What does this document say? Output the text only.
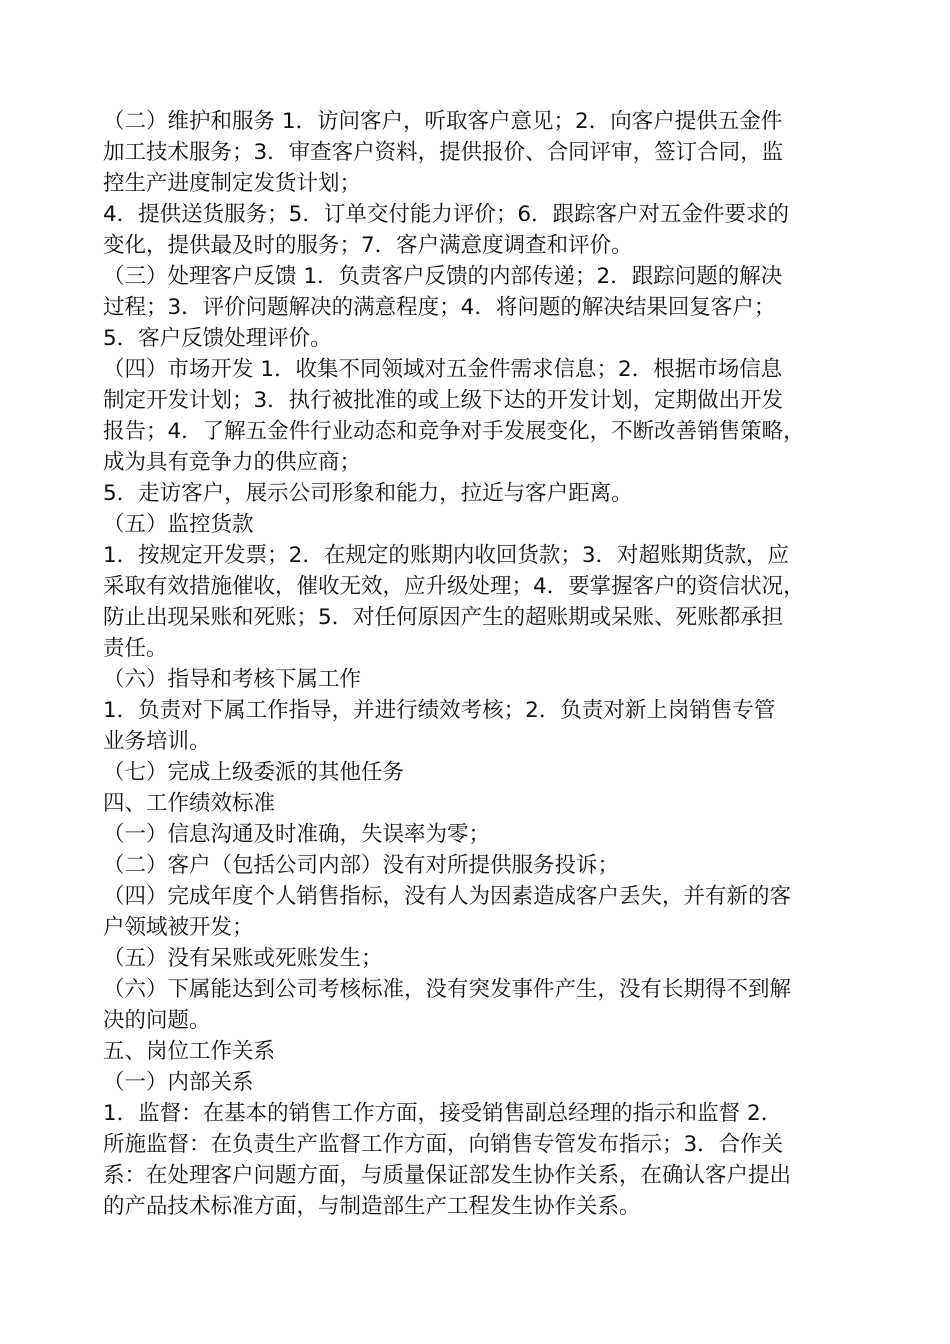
（二）维护和服务 1．访问客户，听取客户意见；2．向客户提供五金件
加工技术服务；3．审查客户资料，提供报价、合同评审，签订合同，监
控生产进度制定发货计划；
4．提供送货服务；5．订单交付能力评价；6．跟踪客户对五金件要求的
变化，提供最及时的服务；7．客户满意度调查和评价。
（三）处理客户反馈 1．负责客户反馈的内部传递；2．跟踪问题的解决
过程；3．评价问题解决的满意程度；4．将问题的解决结果回复客户；
5．客户反馈处理评价。
（四）市场开发 1．收集不同领域对五金件需求信息；2．根据市场信息
制定开发计划；3．执行被批准的或上级下达的开发计划，定期做出开发
报告；4．了解五金件行业动态和竞争对手发展变化，不断改善销售策略，
成为具有竞争力的供应商；
5．走访客户，展示公司形象和能力，拉近与客户距离。
（五）监控货款
1．按规定开发票；2．在规定的账期内收回货款；3．对超账期货款，应
采取有效措施催收，催收无效，应升级处理；4．要掌握客户的资信状况，
防止出现呆账和死账；5．对任何原因产生的超账期或呆账、死账都承担
责任。
（六）指导和考核下属工作
1．负责对下属工作指导，并进行绩效考核；2．负责对新上岗销售专管
业务培训。
（七）完成上级委派的其他任务
四、工作绩效标准
（一）信息沟通及时准确，失误率为零；
（二）客户（包括公司内部）没有对所提供服务投诉；
（四）完成年度个人销售指标，没有人为因素造成客户丢失，并有新的客
户领域被开发；
（五）没有呆账或死账发生；
（六）下属能达到公司考核标准，没有突发事件产生，没有长期得不到解
决的问题。
五、岗位工作关系
（一）内部关系
1．监督：在基本的销售工作方面，接受销售副总经理的指示和监督 2．
所施监督：在负责生产监督工作方面，向销售专管发布指示；3．合作关
系：在处理客户问题方面，与质量保证部发生协作关系，在确认客户提出
的产品技术标准方面，与制造部生产工程发生协作关系。
